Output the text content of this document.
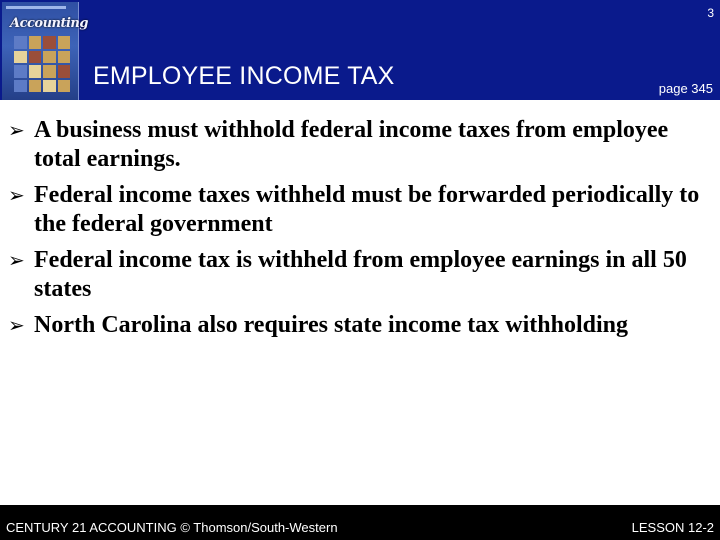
Accounting
3
EMPLOYEE INCOME TAX	page 345
➢ A business must withhold federal income taxes from employee total earnings.
➢ Federal income taxes withheld must be forwarded periodically to the federal government
➢ Federal income tax is withheld from employee earnings in all 50 states
➢ North Carolina also requires state income tax withholding
CENTURY 21 ACCOUNTING © Thomson/South-Western	LESSON 12-2
